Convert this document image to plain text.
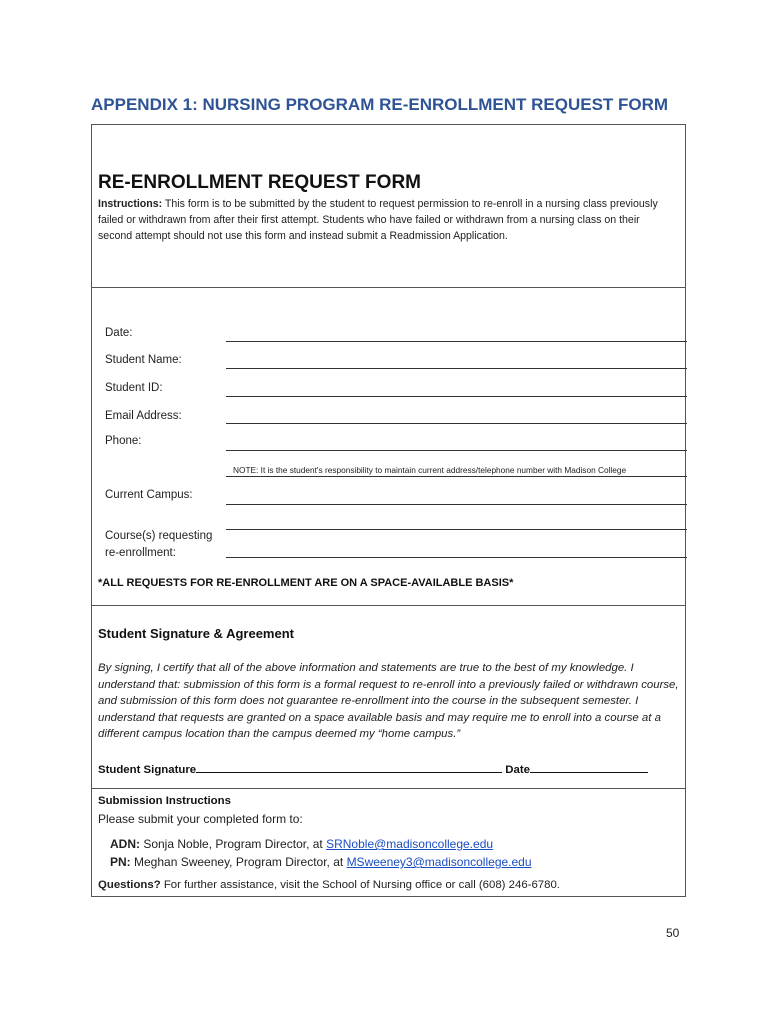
APPENDIX 1: NURSING PROGRAM RE-ENROLLMENT REQUEST FORM
RE-ENROLLMENT REQUEST FORM
Instructions: This form is to be submitted by the student to request permission to re-enroll in a nursing class previously failed or withdrawn from after their first attempt. Students who have failed or withdrawn from a nursing class on their second attempt should not use this form and instead submit a Readmission Application.
Date:
Student Name:
Student ID:
Email Address:
Phone:
NOTE: It is the student's responsibility to maintain current address/telephone number with Madison College
Current Campus:
Course(s) requesting
re-enrollment:
*ALL REQUESTS FOR RE-ENROLLMENT ARE ON A SPACE-AVAILABLE BASIS*
Student Signature & Agreement
By signing, I certify that all of the above information and statements are true to the best of my knowledge. I understand that: submission of this form is a formal request to re-enroll into a previously failed or withdrawn course, and submission of this form does not guarantee re-enrollment into the course in the subsequent semester. I understand that requests are granted on a space available basis and may require me to enroll into a course at a different campus location than the campus deemed my “home campus.”
Student Signature	Date
Submission Instructions
Please submit your completed form to:
ADN: Sonja Noble, Program Director, at SRNoble@madisoncollege.edu
PN: Meghan Sweeney, Program Director, at MSweeney3@madisoncollege.edu
Questions? For further assistance, visit the School of Nursing office or call (608) 246-6780.
50
